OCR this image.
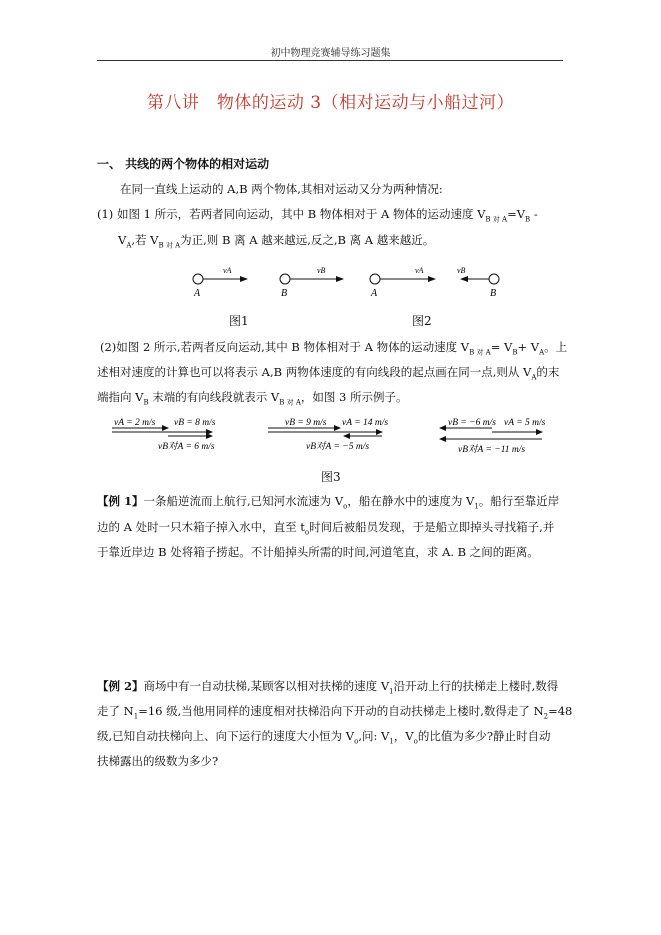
初中物理竞赛辅导练习题集
第八讲　物体的运动 3（相对运动与小船过河）
一、 共线的两个物体的相对运动
在同一直线上运动的 A,B 两个物体,其相对运动又分为两种情况:
(1) 如图 1 所示，若两者同向运动，其中 B 物体相对于 A 物体的运动速度 $V_{B 对 A}=V_B$ -
$V_A$,若 $V_{B 对 A}$为正,则 B 离 A 越来越远,反之,B 离 A 越来越近。
vA
A
vB
B
vA
A
vB
B
图1	图2
(2)如图 2 所示,若两者反向运动,其中 B 物体相对于 A 物体的运动速度 $V_{B 对 A}= V_B+ V_A$。上
述相对速度的计算也可以将表示 A,B 两物体速度的有向线段的起点画在同一点,则从 $V_A$的末
端指向 $V_B$ 末端的有向线段就表示 $V_{B 对 A}$，如图 3 所示例子。
vA = 2 m/s vB = 8 m/s
vB对A = 6 m/s
vB = 9 m/s vA = 14 m/s
vB对A = −5 m/s
vB = −6 m/s vA = 5 m/s
vB对A = −11 m/s
图3
【例 1】一条船逆流而上航行,已知河水流速为 $V_o$，船在静水中的速度为 $V_1$。船行至靠近岸
边的 A 处时一只木箱子掉入水中，直至 $t_o$时间后被船员发现，于是船立即掉头寻找箱子,并
于靠近岸边 B 处将箱子捞起。不计船掉头所需的时间,河道笔直，求 A. B 之间的距离。
【例 2】商场中有一自动扶梯,某顾客以相对扶梯的速度 $V_1$沿开动上行的扶梯走上楼时,数得
走了 $N_1=16$ 级,当他用同样的速度相对扶梯沿向下开动的自动扶梯走上楼时,数得走了 $N_2=48$
级,已知自动扶梯向上、向下运行的速度大小恒为 $V_o$,问: $V_1$，$V_o$的比值为多少?静止时自动
扶梯露出的级数为多少?
